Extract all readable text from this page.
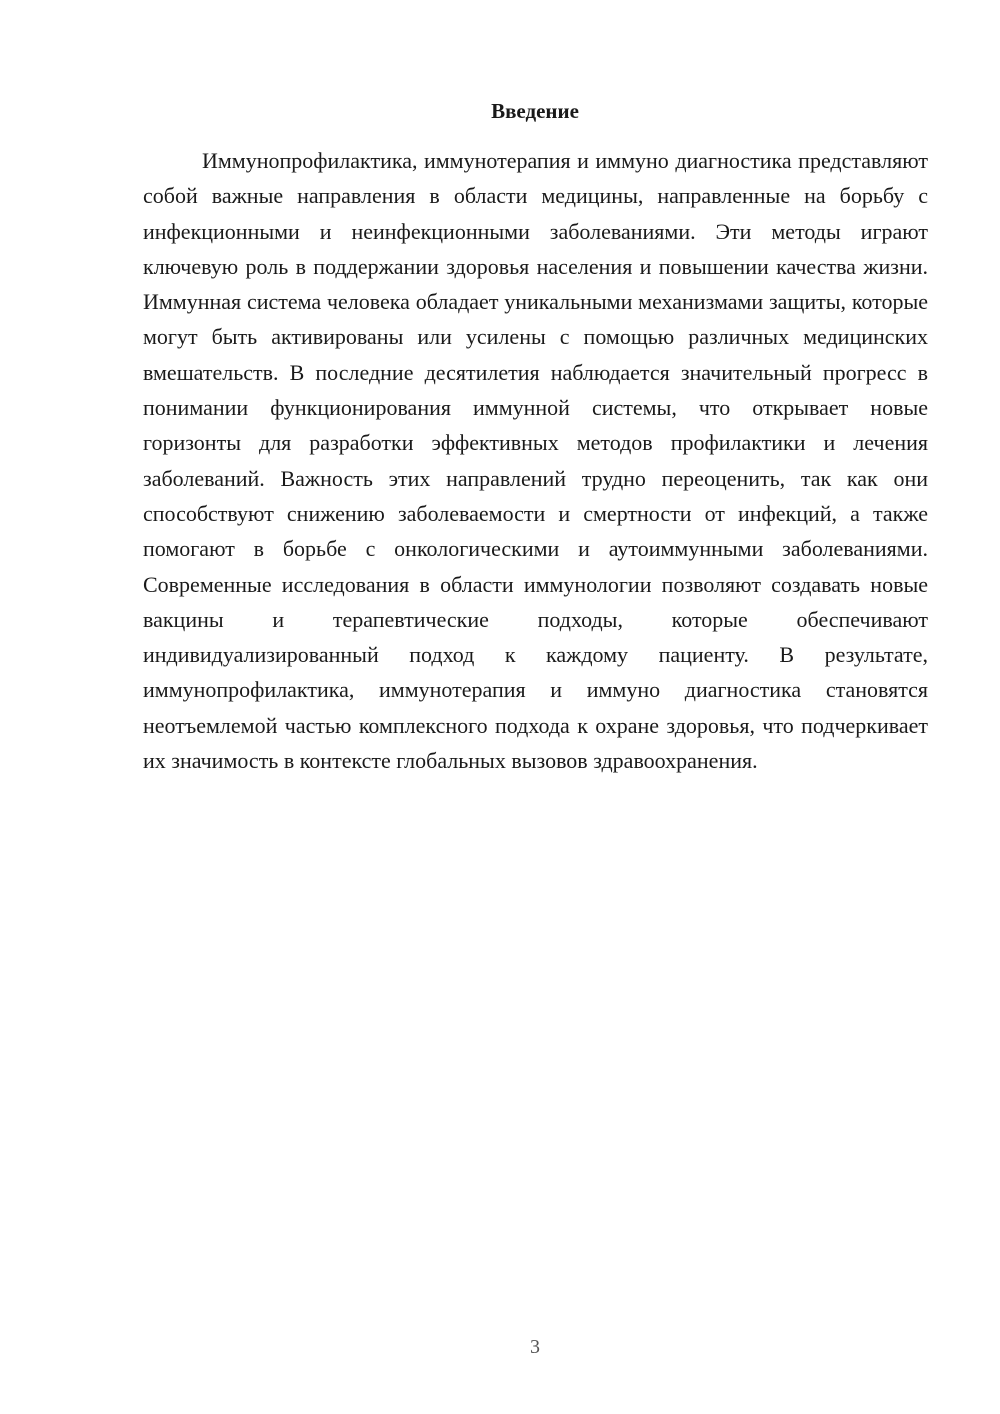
Введение

Иммунопрофилактика, иммунотерапия и иммуно диагностика представляют собой важные направления в области медицины, направленные на борьбу с инфекционными и неинфекционными заболеваниями. Эти методы играют ключевую роль в поддержании здоровья населения и повышении качества жизни. Иммунная система человека обладает уникальными механизмами защиты, которые могут быть активированы или усилены с помощью различных медицинских вмешательств. В последние десятилетия наблюдается значительный прогресс в понимании функционирования иммунной системы, что открывает новые горизонты для разработки эффективных методов профилактики и лечения заболеваний. Важность этих направлений трудно переоценить, так как они способствуют снижению заболеваемости и смертности от инфекций, а также помогают в борьбе с онкологическими и аутоиммунными заболеваниями. Современные исследования в области иммунологии позволяют создавать новые вакцины и терапевтические подходы, которые обеспечивают индивидуализированный подход к каждому пациенту. В результате, иммунопрофилактика, иммунотерапия и иммуно диагностика становятся неотъемлемой частью комплексного подхода к охране здоровья, что подчеркивает их значимость в контексте глобальных вызовов здравоохранения.

3
